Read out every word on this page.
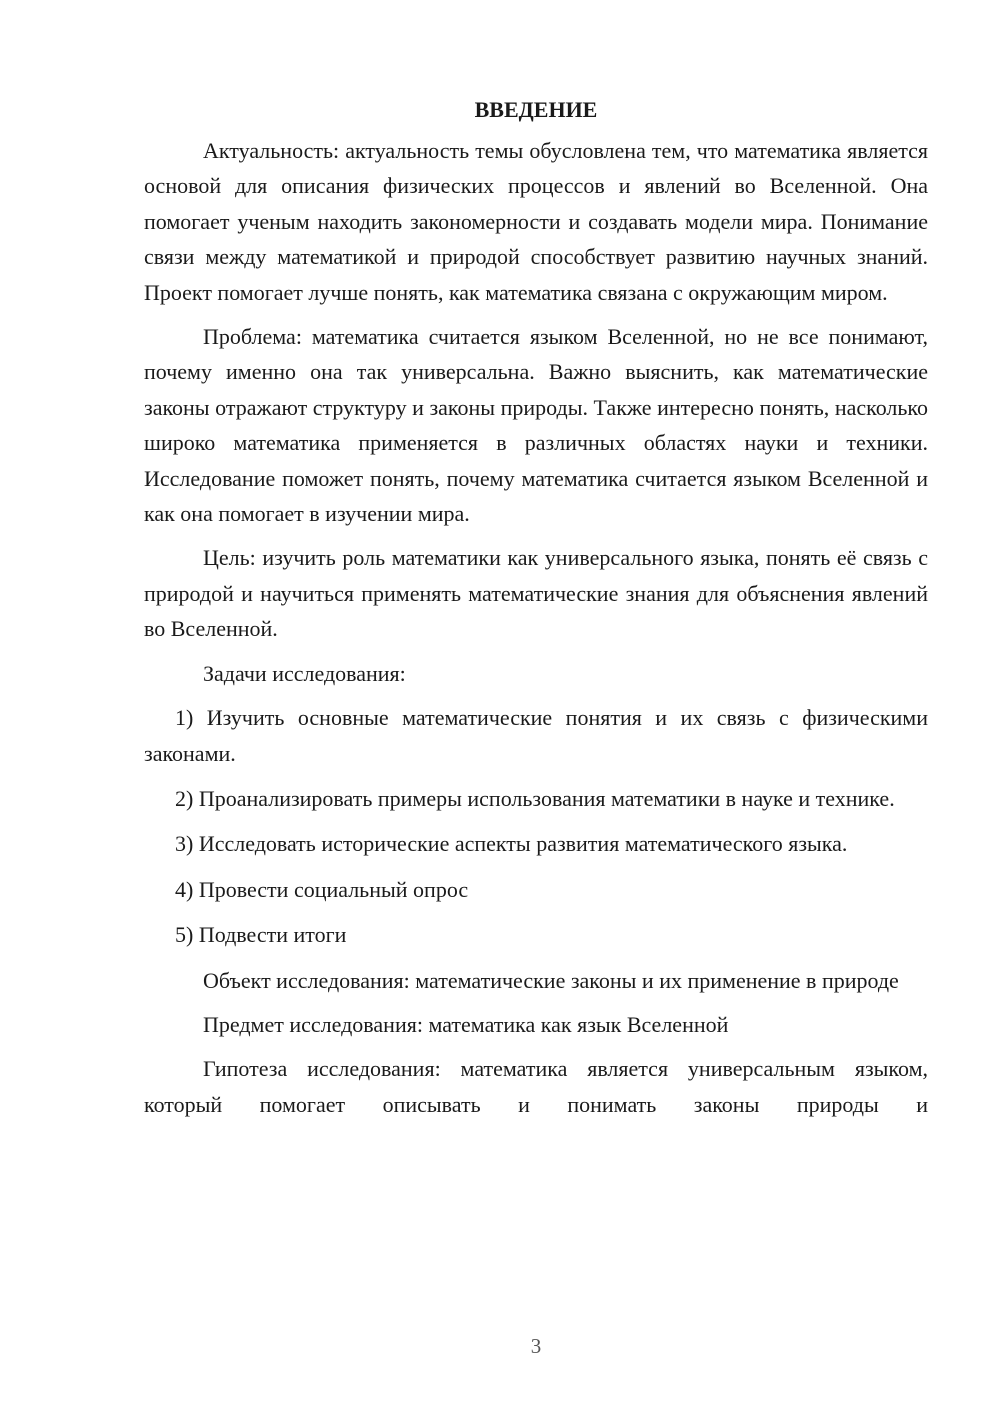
ВВЕДЕНИЕ

Актуальность: актуальность темы обусловлена тем, что математика является основой для описания физических процессов и явлений во Вселенной. Она помогает ученым находить закономерности и создавать модели мира. Понимание связи между математикой и природой способствует развитию научных знаний. Проект помогает лучше понять, как математика связана с окружающим миром.

Проблема: математика считается языком Вселенной, но не все понимают, почему именно она так универсальна. Важно выяснить, как математические законы отражают структуру и законы природы. Также интересно понять, насколько широко математика применяется в различных областях науки и техники. Исследование поможет понять, почему математика считается языком Вселенной и как она помогает в изучении мира.

Цель: изучить роль математики как универсального языка, понять её связь с природой и научиться применять математические знания для объяснения явлений во Вселенной.

Задачи исследования:

1) Изучить основные математические понятия и их связь с физическими законами.

2) Проанализировать примеры использования математики в науке и технике.

3) Исследовать исторические аспекты развития математического языка.

4) Провести социальный опрос

5) Подвести итоги

Объект исследования: математические законы и их применение в природе

Предмет исследования: математика как язык Вселенной

Гипотеза исследования: математика является универсальным языком, который помогает описывать и понимать законы природы и

3
